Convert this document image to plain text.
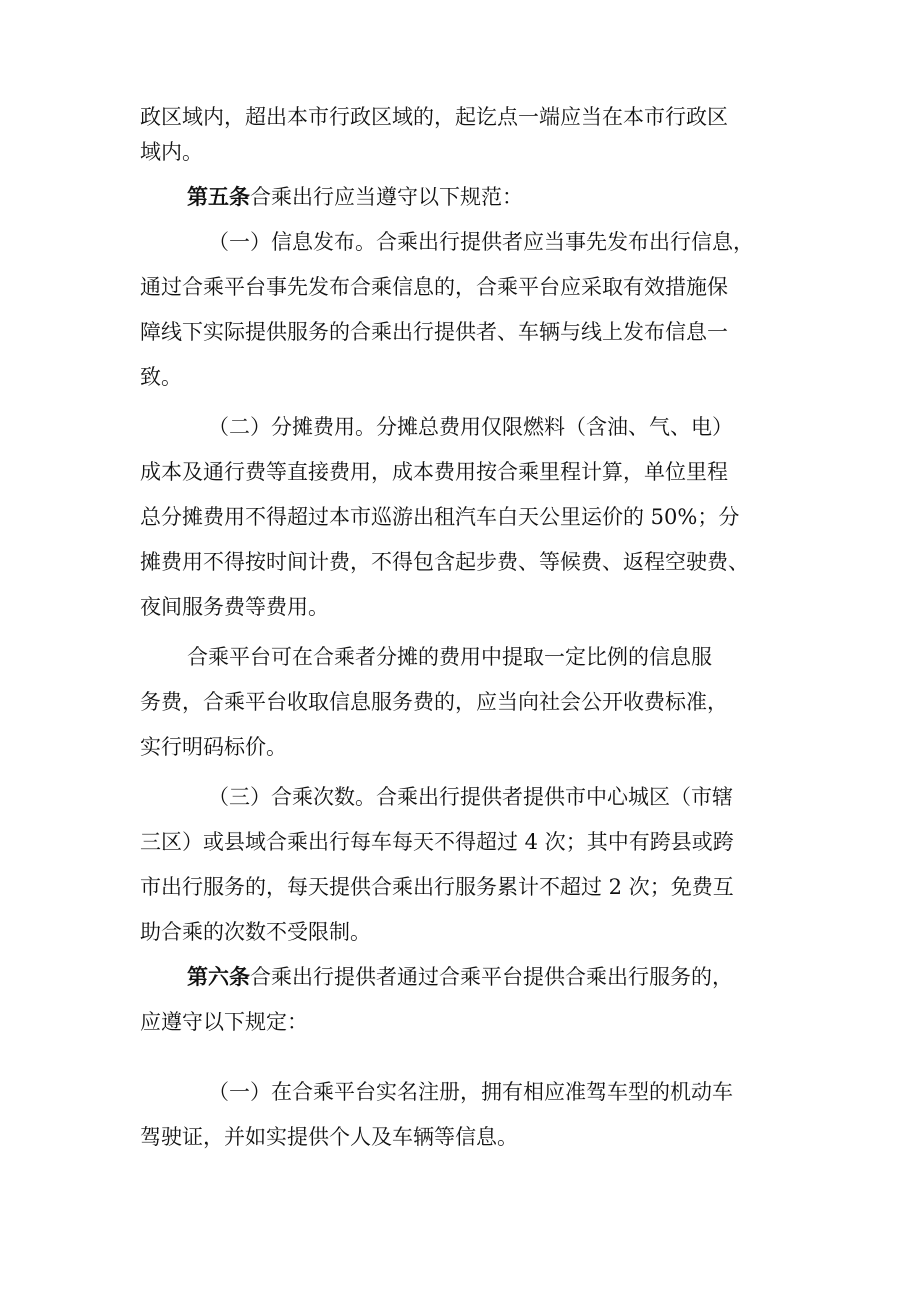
政区域内，超出本市行政区域的，起讫点一端应当在本市行政区
域内。
第五条合乘出行应当遵守以下规范：
（一）信息发布。合乘出行提供者应当事先发布出行信息，
通过合乘平台事先发布合乘信息的，合乘平台应采取有效措施保
障线下实际提供服务的合乘出行提供者、车辆与线上发布信息一
致。
（二）分摊费用。分摊总费用仅限燃料（含油、气、电）
成本及通行费等直接费用，成本费用按合乘里程计算，单位里程
总分摊费用不得超过本市巡游出租汽车白天公里运价的 50%；分
摊费用不得按时间计费，不得包含起步费、等候费、返程空驶费、
夜间服务费等费用。
合乘平台可在合乘者分摊的费用中提取一定比例的信息服
务费，合乘平台收取信息服务费的，应当向社会公开收费标准，
实行明码标价。
（三）合乘次数。合乘出行提供者提供市中心城区（市辖
三区）或县域合乘出行每车每天不得超过 4 次；其中有跨县或跨
市出行服务的，每天提供合乘出行服务累计不超过 2 次；免费互
助合乘的次数不受限制。
第六条合乘出行提供者通过合乘平台提供合乘出行服务的，
应遵守以下规定：
（一）在合乘平台实名注册，拥有相应准驾车型的机动车
驾驶证，并如实提供个人及车辆等信息。
